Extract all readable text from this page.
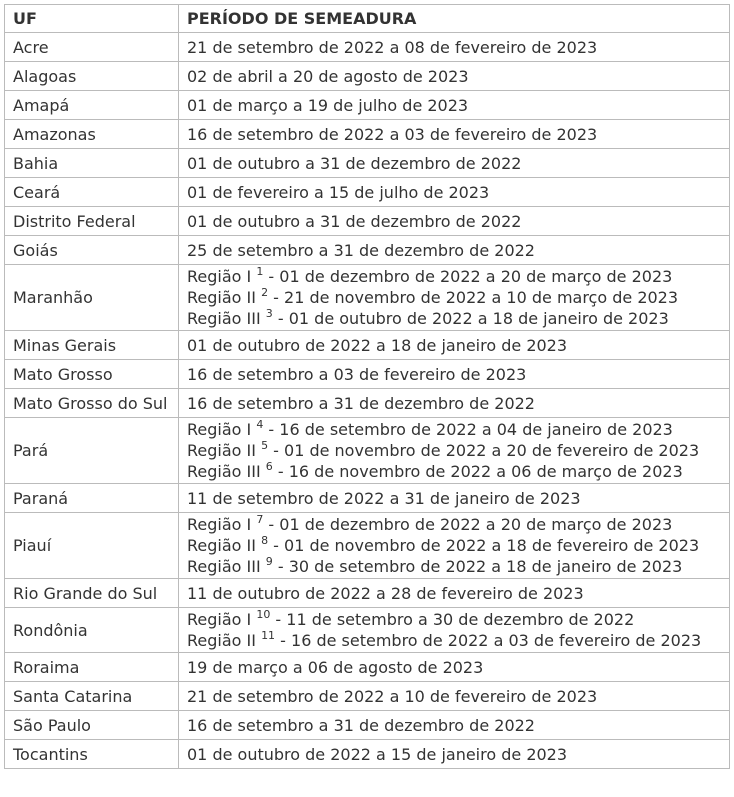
UF	PERÍODO DE SEMEADURA
Acre	21 de setembro de 2022 a 08 de fevereiro de 2023
Alagoas	02 de abril a 20 de agosto de 2023
Amapá	01 de março a 19 de julho de 2023
Amazonas	16 de setembro de 2022 a 03 de fevereiro de 2023
Bahia	01 de outubro a 31 de dezembro de 2022
Ceará	01 de fevereiro a 15 de julho de 2023
Distrito Federal	01 de outubro a 31 de dezembro de 2022
Goiás	25 de setembro a 31 de dezembro de 2022
Maranhão	Região I $^1$ - 01 de dezembro de 2022 a 20 de março de 2023
Região II $^2$ - 21 de novembro de 2022 a 10 de março de 2023
Região III $^3$ - 01 de outubro de 2022 a 18 de janeiro de 2023

Minas Gerais	01 de outubro de 2022 a 18 de janeiro de 2023
Mato Grosso	16 de setembro a 03 de fevereiro de 2023
Mato Grosso do Sul	16 de setembro a 31 de dezembro de 2022
Pará	Região I $^4$ - 16 de setembro de 2022 a 04 de janeiro de 2023
Região II $^5$ - 01 de novembro de 2022 a 20 de fevereiro de 2023
Região III $^6$ - 16 de novembro de 2022 a 06 de março de 2023

Paraná	11 de setembro de 2022 a 31 de janeiro de 2023
Piauí	Região I $^7$ - 01 de dezembro de 2022 a 20 de março de 2023
Região II $^8$ - 01 de novembro de 2022 a 18 de fevereiro de 2023
Região III $^9$ - 30 de setembro de 2022 a 18 de janeiro de 2023

Rio Grande do Sul	11 de outubro de 2022 a 28 de fevereiro de 2023
Rondônia	Região I $^{10}$ - 11 de setembro a 30 de dezembro de 2022
Região II $^{11}$ - 16 de setembro de 2022 a 03 de fevereiro de 2023

Roraima	19 de março a 06 de agosto de 2023
Santa Catarina	21 de setembro de 2022 a 10 de fevereiro de 2023
São Paulo	16 de setembro a 31 de dezembro de 2022
Tocantins	01 de outubro de 2022 a 15 de janeiro de 2023
